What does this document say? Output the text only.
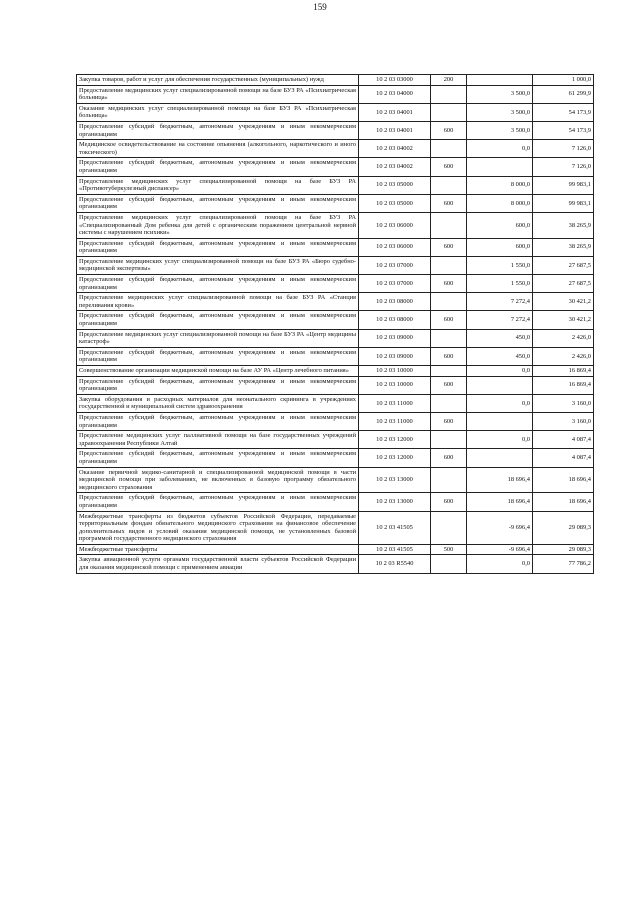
159
Закупка товаров, работ и услуг для обеспечения государственных (муниципальных) нужд	10 2 03 03000	200		1 000,0
Предоставление медицинских услуг специализированной помощи на базе БУЗ РА «Психиатрическая больница»	10 2 03 04000		3 500,0	61 299,9
Оказание медицинских услуг специализированной помощи на базе БУЗ РА «Психиатрическая больница»	10 2 03 04001		3 500,0	54 173,9
Предоставление субсидий бюджетным, автономным учреждениям и иным некоммерческим организациям	10 2 03 04001	600	3 500,0	54 173,9
Медицинское освидетельствование на состояние опьянения (алкогольного, наркотического и иного токсического)	10 2 03 04002		0,0	7 126,0
Предоставление субсидий бюджетным, автономным учреждениям и иным некоммерческим организациям	10 2 03 04002	600		7 126,0
Предоставление медицинских услуг специализированной помощи на базе БУЗ РА «Противотуберкулезный диспансер»	10 2 03 05000		8 000,0	99 983,1
Предоставление субсидий бюджетным, автономным учреждениям и иным некоммерческим организациям	10 2 03 05000	600	8 000,0	99 983,1
Предоставление медицинских услуг специализированной помощи на базе БУЗ РА «Специализированный Дом ребенка для детей с органическим поражением центральной нервной системы с нарушением психики»	10 2 03 06000		600,0	38 265,9
Предоставление субсидий бюджетным, автономным учреждениям и иным некоммерческим организациям	10 2 03 06000	600	600,0	38 265,9
Предоставление медицинских услуг специализированной помощи на базе БУЗ РА «Бюро судебно-медицинской экспертизы»	10 2 03 07000		1 550,0	27 687,5
Предоставление субсидий бюджетным, автономным учреждениям и иным некоммерческим организациям	10 2 03 07000	600	1 550,0	27 687,5
Предоставление медицинских услуг специализированной помощи на базе БУЗ РА «Станция переливания крови»	10 2 03 08000		7 272,4	30 421,2
Предоставление субсидий бюджетным, автономным учреждениям и иным некоммерческим организациям	10 2 03 08000	600	7 272,4	30 421,2
Предоставление медицинских услуг специализированной помощи на базе БУЗ РА «Центр медицины катастроф»	10 2 03 09000		450,0	2 426,0
Предоставление субсидий бюджетным, автономным учреждениям и иным некоммерческим организациям	10 2 03 09000	600	450,0	2 426,0
Совершенствование организации медицинской помощи на базе АУ РА «Центр лечебного питания»	10 2 03 10000		0,0	16 869,4
Предоставление субсидий бюджетным, автономным учреждениям и иным некоммерческим организациям	10 2 03 10000	600		16 869,4
Закупка оборудования и расходных материалов для неонатального скрининга в учреждениях государственной и муниципальной систем здравоохранения	10 2 03 11000		0,0	3 160,0
Предоставление субсидий бюджетным, автономным учреждениям и иным некоммерческим организациям	10 2 03 11000	600		3 160,0
Предоставление медицинских услуг паллиативной помощи на базе государственных учреждений здравоохранения Республики Алтай	10 2 03 12000		0,0	4 087,4
Предоставление субсидий бюджетным, автономным учреждениям и иным некоммерческим организациям	10 2 03 12000	600		4 087,4
Оказание первичной медико-санитарной и специализированной медицинской помощи в части медицинской помощи при заболеваниях, не включенных в базовую программу обязательного медицинского страхования	10 2 03 13000		18 696,4	18 696,4
Предоставление субсидий бюджетным, автономным учреждениям и иным некоммерческим организациям	10 2 03 13000	600	18 696,4	18 696,4
Межбюджетные трансферты из бюджетов субъектов Российской Федерации, передаваемые территориальным фондам обязательного медицинского страхования на финансовое обеспечение дополнительных видов и условий оказания медицинской помощи, не установленных базовой программой государственного медицинского страхования	10 2 03 41505		-9 696,4	29 089,3
Межбюджетные трансферты	10 2 03 41505	500	-9 696,4	29 089,3
Закупка авиационной услуги органами государственной власти субъектов Российской Федерации для оказания медицинской помощи с применением авиации	10 2 03 R5540		0,0	77 786,2
